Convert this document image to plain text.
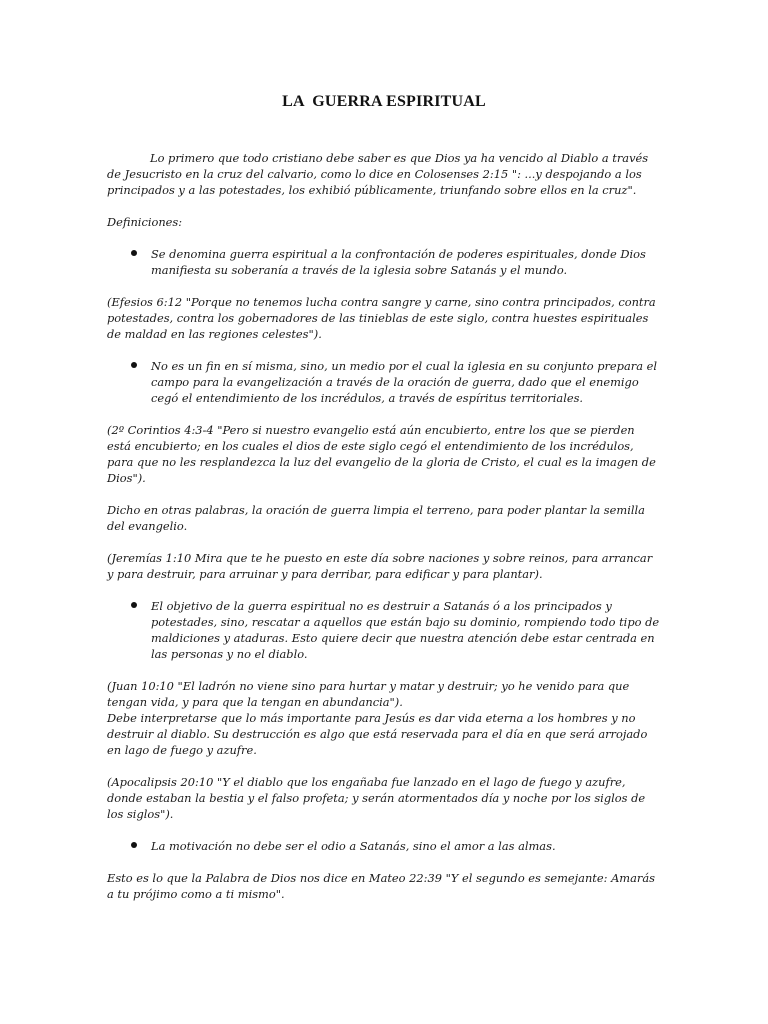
LA  GUERRA ESPIRITUAL

Lo primero que todo cristiano debe saber es que Dios ya ha vencido al Diablo a través de Jesucristo en la cruz del calvario, como lo dice en Colosenses 2:15 ": ...y despojando a los principados y a las potestades, los exhibió públicamente, triunfando sobre ellos en la cruz".

Definiciones:

Se denomina guerra espiritual a la confrontación de poderes espirituales, donde Dios manifiesta su soberanía a través de la iglesia sobre Satanás y el mundo.

(Efesios 6:12 "Porque no tenemos lucha contra sangre y carne, sino contra principados, contra potestades, contra los gobernadores de las tinieblas de este siglo, contra huestes espirituales de maldad en las regiones celestes").

No es un fin en sí misma, sino, un medio por el cual la iglesia en su conjunto prepara el campo para la evangelización a través de la oración de guerra, dado que el enemigo cegó el entendimiento de los incrédulos, a través de espíritus territoriales.

(2º Corintios 4:3-4 "Pero si nuestro evangelio está aún encubierto, entre los que se pierden está encubierto; en los cuales el dios de este siglo cegó el entendimiento de los incrédulos, para que no les resplandezca la luz del evangelio de la gloria de Cristo, el cual es la imagen de Dios").

Dicho en otras palabras, la oración de guerra limpia el terreno, para poder plantar la semilla del evangelio.

(Jeremías 1:10 Mira que te he puesto en este día sobre naciones y sobre reinos, para arrancar y para destruir, para arruinar y para derribar, para edificar y para plantar).

El objetivo de la guerra espiritual no es destruir a Satanás ó a los principados y potestades, sino, rescatar a aquellos que están bajo su dominio, rompiendo todo tipo de maldiciones y ataduras. Esto quiere decir que nuestra atención debe estar centrada en las personas y no el diablo.

(Juan 10:10 "El ladrón no viene sino para hurtar y matar y destruir; yo he venido para que tengan vida, y para que la tengan en abundancia").

Debe interpretarse que lo más importante para Jesús es dar vida eterna a los hombres y no destruir al diablo. Su destrucción es algo que está reservada para el día en que será arrojado en lago de fuego y azufre.

(Apocalipsis 20:10 "Y el diablo que los engañaba fue lanzado en el lago de fuego y azufre, donde estaban la bestia y el falso profeta; y serán atormentados día y noche por los siglos de los siglos").

La motivación no debe ser el odio a Satanás, sino el amor a las almas.

Esto es lo que la Palabra de Dios nos dice en Mateo 22:39 "Y el segundo es semejante: Amarás a tu prójimo como a ti mismo".
